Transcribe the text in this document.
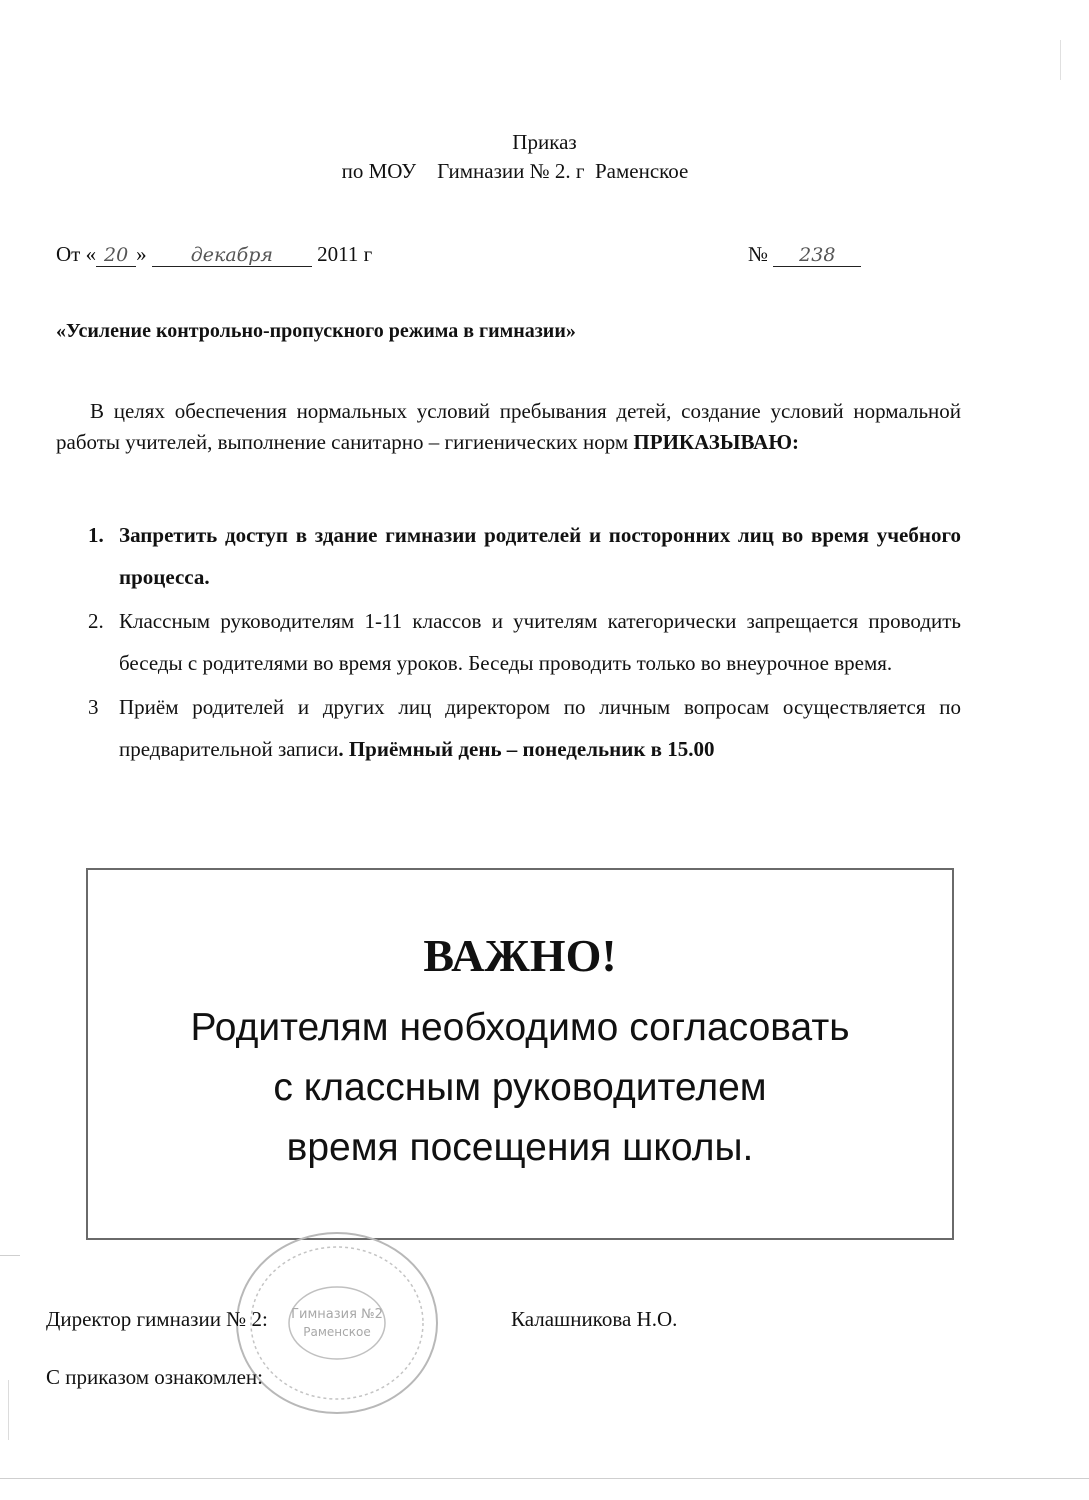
Приказ
по МОУ    Гимназии № 2. г  Раменское
От « 20 » декабря 2011 г	№ 238
«Усиление контрольно-пропускного режима в гимназии»
В целях обеспечения нормальных условий пребывания детей, создание условий нормальной работы учителей, выполнение санитарно – гигиенических норм ПРИКАЗЫВАЮ:
1. Запретить доступ в здание гимназии родителей и посторонних лиц во время учебного процесса.
2. Классным руководителям 1-11 классов и учителям категорически запрещается проводить беседы с родителями во время уроков. Беседы проводить только во внеурочное время.
3 Приём родителей и других лиц директором по личным вопросам осуществляется по предварительной записи. Приёмный день – понедельник в 15.00
ВАЖНО!
Родителям необходимо согласовать
с классным руководителем
время посещения школы.
Гимназия №2
Раменское
Директор гимназии № 2:	Калашникова Н.О.
С приказом ознакомлен:
